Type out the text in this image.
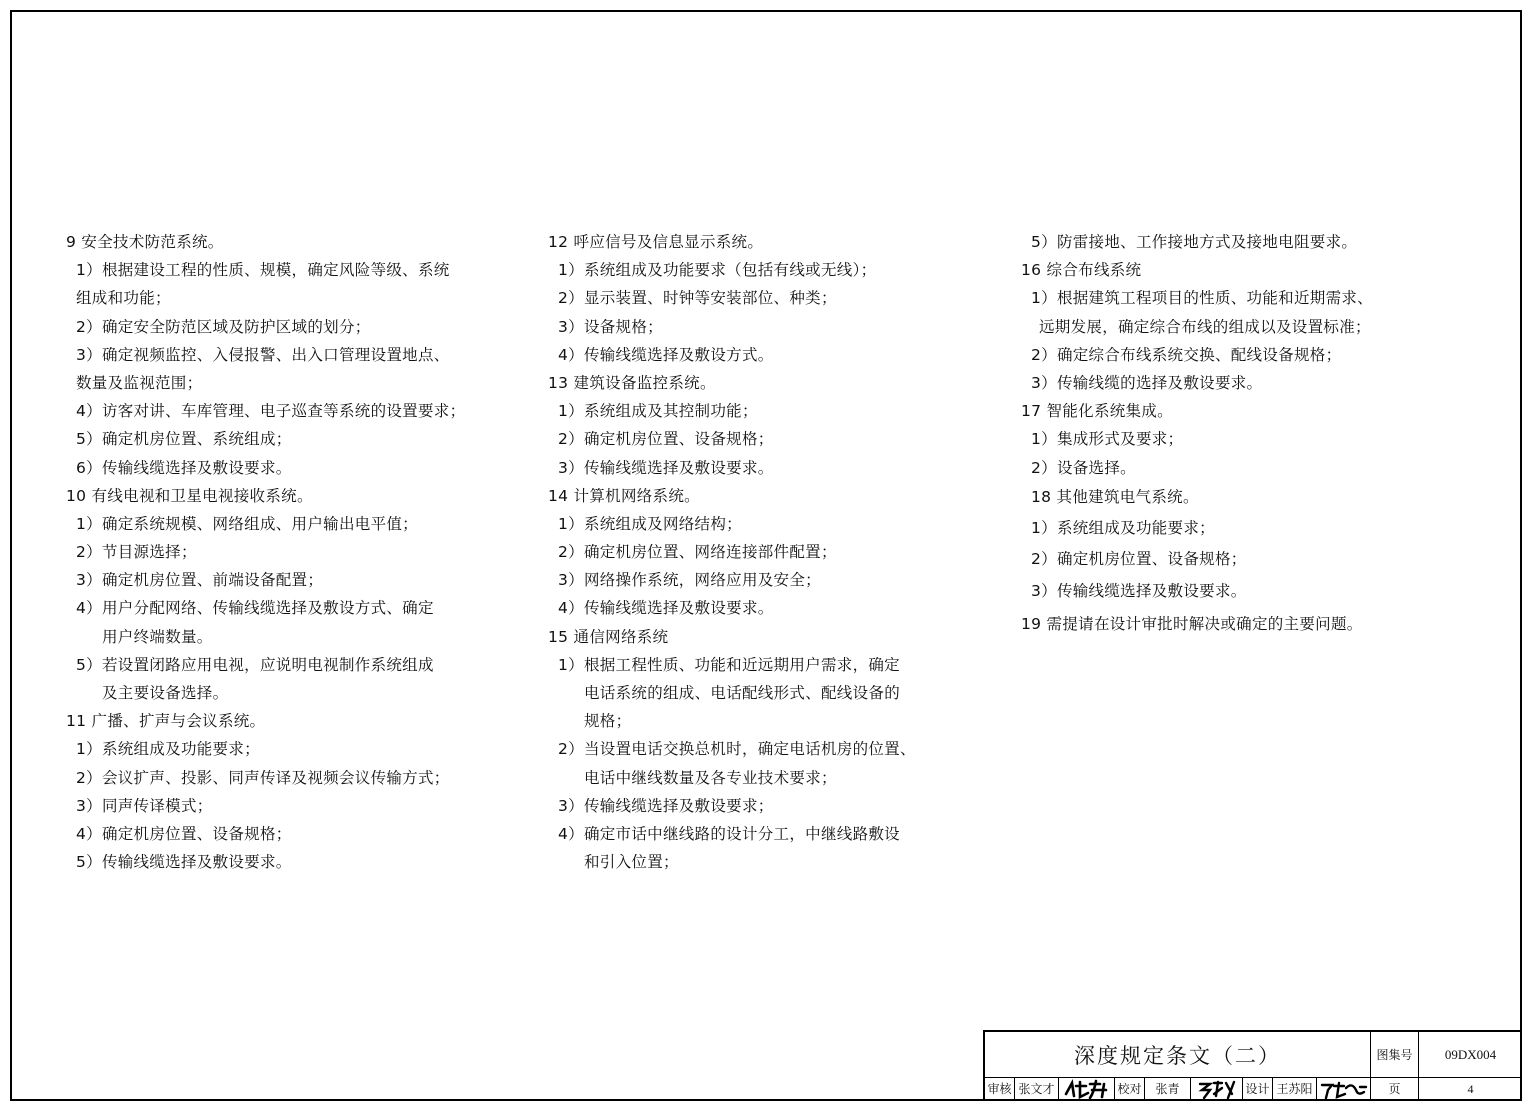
9 安全技术防范系统。
1）根据建设工程的性质、规模，确定风险等级、系统
组成和功能；
2）确定安全防范区域及防护区域的划分；
3）确定视频监控、入侵报警、出入口管理设置地点、
数量及监视范围；
4）访客对讲、车库管理、电子巡查等系统的设置要求；
5）确定机房位置、系统组成；
6）传输线缆选择及敷设要求。
10 有线电视和卫星电视接收系统。
1）确定系统规模、网络组成、用户输出电平值；
2）节目源选择；
3）确定机房位置、前端设备配置；
4）用户分配网络、传输线缆选择及敷设方式、确定
用户终端数量。
5）若设置闭路应用电视，应说明电视制作系统组成
及主要设备选择。
11 广播、扩声与会议系统。
1）系统组成及功能要求；
2）会议扩声、投影、同声传译及视频会议传输方式；
3）同声传译模式；
4）确定机房位置、设备规格；
5）传输线缆选择及敷设要求。
12 呼应信号及信息显示系统。
1）系统组成及功能要求（包括有线或无线）；
2）显示装置、时钟等安装部位、种类；
3）设备规格；
4）传输线缆选择及敷设方式。
13 建筑设备监控系统。
1）系统组成及其控制功能；
2）确定机房位置、设备规格；
3）传输线缆选择及敷设要求。
14 计算机网络系统。
1）系统组成及网络结构；
2）确定机房位置、网络连接部件配置；
3）网络操作系统，网络应用及安全；
4）传输线缆选择及敷设要求。
15 通信网络系统
1）根据工程性质、功能和近远期用户需求，确定
电话系统的组成、电话配线形式、配线设备的
规格；
2）当设置电话交换总机时，确定电话机房的位置、
电话中继线数量及各专业技术要求；
3）传输线缆选择及敷设要求；
4）确定市话中继线路的设计分工，中继线路敷设
和引入位置；
5）防雷接地、工作接地方式及接地电阻要求。
16 综合布线系统
1）根据建筑工程项目的性质、功能和近期需求、
远期发展，确定综合布线的组成以及设置标准；
2）确定综合布线系统交换、配线设备规格；
3）传输线缆的选择及敷设要求。
17 智能化系统集成。
1）集成形式及要求；
2）设备选择。
18 其他建筑电气系统。
1）系统组成及功能要求；
2）确定机房位置、设备规格；
3）传输线缆选择及敷设要求。
19 需提请在设计审批时解决或确定的主要问题。
深度规定条文（二）	图集号	09DX004
审核 张文才	校对	张青	设计 王苏阳	页	4
